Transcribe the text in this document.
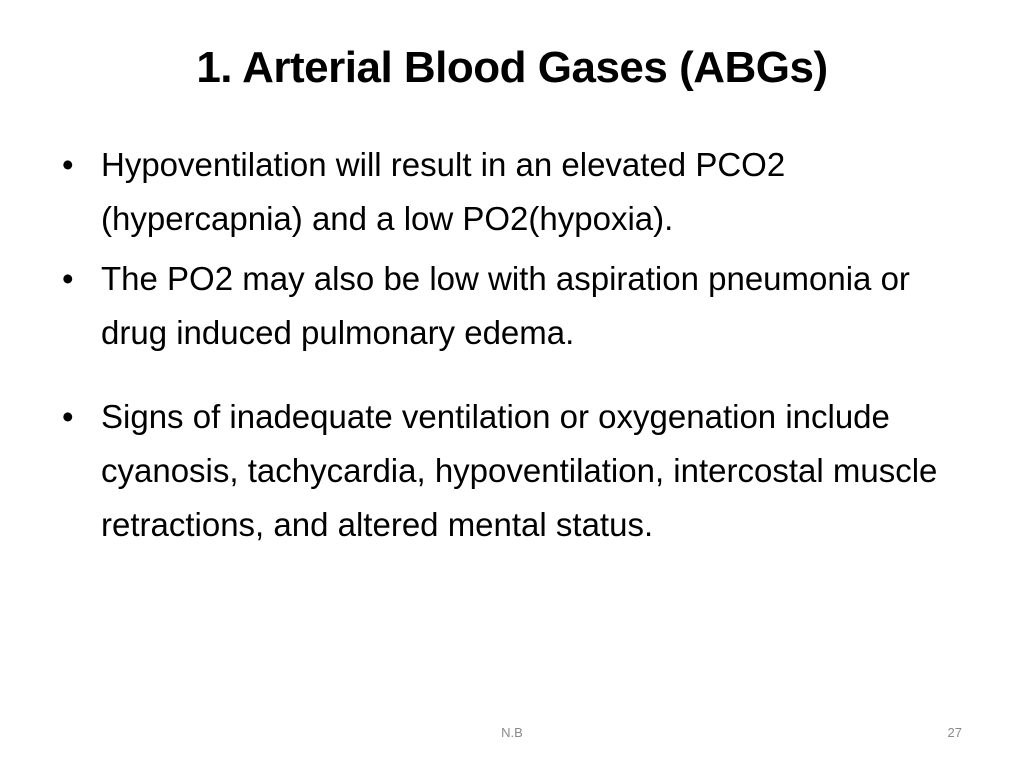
1. Arterial Blood Gases (ABGs)
• Hypoventilation will result in an elevated PCO2 (hypercapnia) and a low PO2(hypoxia).
• The PO2 may also be low with aspiration pneumonia or drug induced pulmonary edema.
• Signs of inadequate ventilation or oxygenation include cyanosis, tachycardia, hypoventilation, intercostal muscle retractions, and altered mental status.
N.B	27
